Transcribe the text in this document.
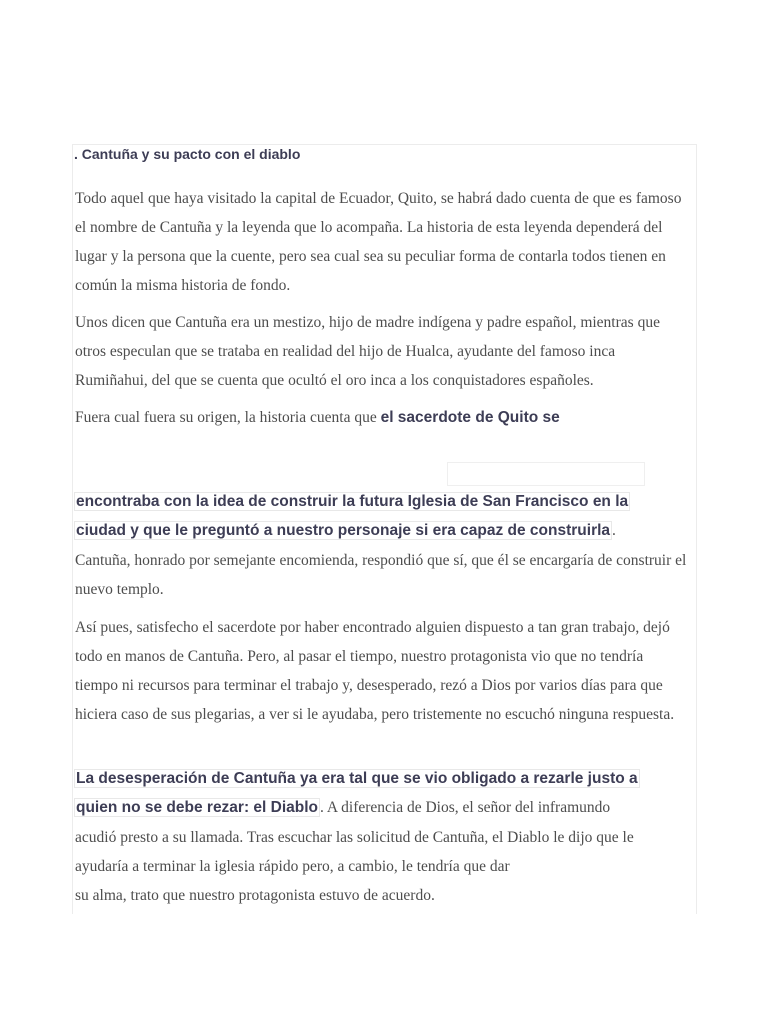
. Cantuña y su pacto con el diablo

Todo aquel que haya visitado la capital de Ecuador, Quito, se habrá dado cuenta de que es famoso el nombre de Cantuña y la leyenda que lo acompaña. La historia de esta leyenda dependerá del lugar y la persona que la cuente, pero sea cual sea su peculiar forma de contarla todos tienen en común la misma historia de fondo.

Unos dicen que Cantuña era un mestizo, hijo de madre indígena y padre español, mientras que otros especulan que se trataba en realidad del hijo de Hualca, ayudante del famoso inca Rumiñahui, del que se cuenta que ocultó el oro inca a los conquistadores españoles.

Fuera cual fuera su origen, la historia cuenta que el sacerdote de Quito se

encontraba con la idea de construir la futura Iglesia de San Francisco en la
ciudad y que le preguntó a nuestro personaje si era capaz de construirla .

Cantuña, honrado por semejante encomienda, respondió que sí, que él se encargaría de construir el nuevo templo.

Así pues, satisfecho el sacerdote por haber encontrado alguien dispuesto a tan gran trabajo, dejó todo en manos de Cantuña. Pero, al pasar el tiempo, nuestro protagonista vio que no tendría tiempo ni recursos para terminar el trabajo y, desesperado, rezó a Dios por varios días para que hiciera caso de sus plegarias, a ver si le ayudaba, pero tristemente no escuchó ninguna respuesta.

La desesperación de Cantuña ya era tal que se vio obligado a rezarle justo a
quien no se debe rezar: el Diablo . A diferencia de Dios, el señor del inframundo

acudió presto a su llamada. Tras escuchar las solicitud de Cantuña, el Diablo le dijo que le ayudaría a terminar la iglesia rápido pero, a cambio, le tendría que dar
su alma, trato que nuestro protagonista estuvo de acuerdo.
